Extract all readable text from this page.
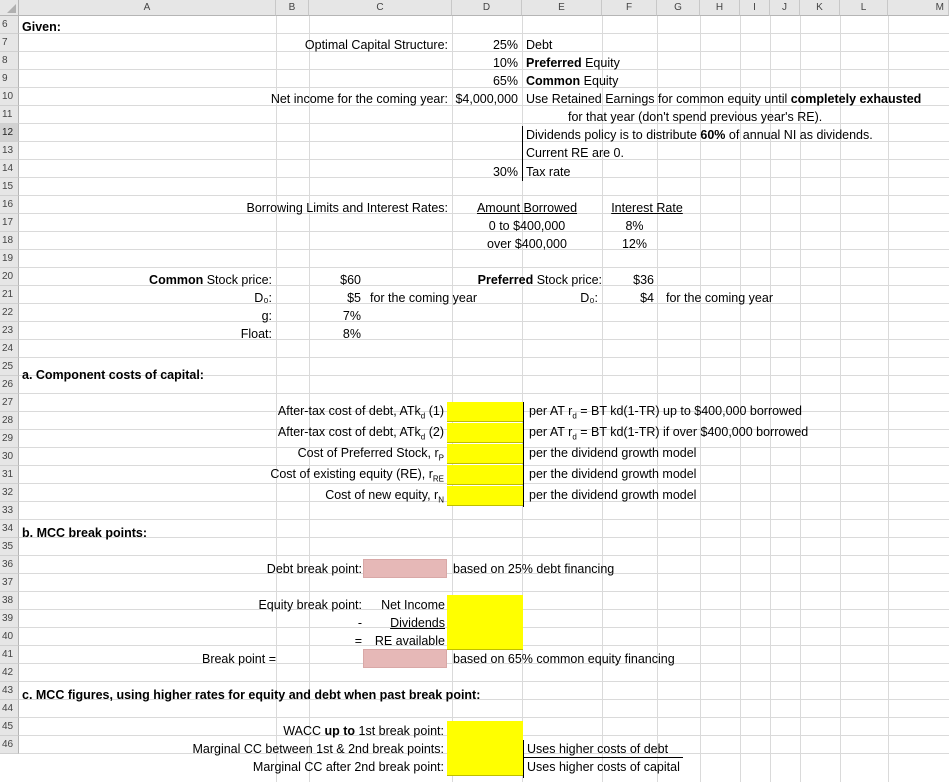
A	B	C	D	E	F	G	H	I	J	K	L	M
6
7
8
9
10
11
12
13
14
15
16
17
18
19
20
21
22
23
24
25
26
27
28
29
30
31
32
33
34
35
36
37
38
39
40
41
42
43
44
45
46
Given:
Optimal Capital Structure:	25% Debt
10% Preferred Equity
65% Common Equity
Net income for the coming year: $4,000,000 Use Retained Earnings for common equity until completely exhausted
for that year (don't spend previous year's RE).
Dividends policy is to distribute 60% of annual NI as dividends.
Current RE are 0.
30% Tax rate
Borrowing Limits and Interest Rates:	Amount Borrowed	Interest Rate
0 to $400,000	8%
over $400,000	12%
Common Stock price:	$60
D₀:	$5 for the coming year
g:	7%
Float:	8%
Preferred Stock price:	$36
D₀:	$4 for the coming year
a. Component costs of capital:
After-tax cost of debt, ATk$_d$ (1)	per AT $r_d$ = BT kd(1-TR) up to $400,000 borrowed
After-tax cost of debt, ATk$_d$ (2)	per AT $r_d$ = BT kd(1-TR) if over $400,000 borrowed
Cost of Preferred Stock, $r_P$	per the dividend growth model
Cost of existing equity (RE), $r_{RE}$	per the dividend growth model
Cost of new equity, $r_N$	per the dividend growth model
b. MCC break points:
Debt break point:	based on 25% debt financing
Equity break point:	Net Income
-	Dividends
=	RE available
Break point =	based on 65% common equity financing
c. MCC figures, using higher rates for equity and debt when past break point:
WACC up to 1st break point:
Marginal CC between 1st & 2nd break points:	Uses higher costs of debt
Marginal CC after 2nd break point:	Uses higher costs of capital
